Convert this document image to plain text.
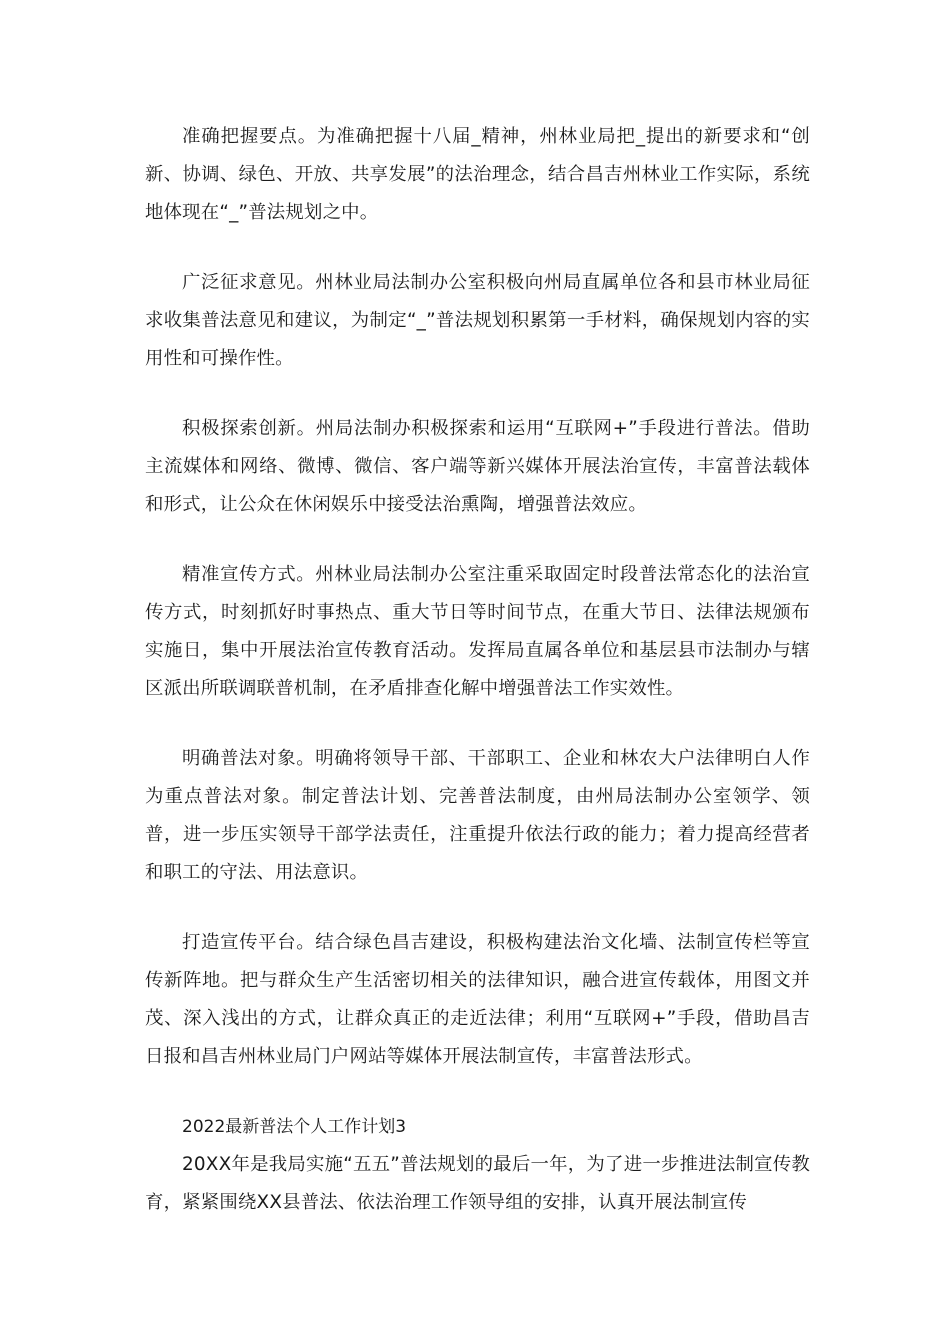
准确把握要点。为准确把握十八届_精神，州林业局把_提出的新要求和“创新、协调、绿色、开放、共享发展”的法治理念，结合昌吉州林业工作实际，系统地体现在“_”普法规划之中。

广泛征求意见。州林业局法制办公室积极向州局直属单位各和县市林业局征求收集普法意见和建议，为制定“_”普法规划积累第一手材料，确保规划内容的实用性和可操作性。

积极探索创新。州局法制办积极探索和运用“互联网+”手段进行普法。借助主流媒体和网络、微博、微信、客户端等新兴媒体开展法治宣传，丰富普法载体和形式，让公众在休闲娱乐中接受法治熏陶，增强普法效应。

精准宣传方式。州林业局法制办公室注重采取固定时段普法常态化的法治宣传方式，时刻抓好时事热点、重大节日等时间节点，在重大节日、法律法规颁布实施日，集中开展法治宣传教育活动。发挥局直属各单位和基层县市法制办与辖区派出所联调联普机制，在矛盾排查化解中增强普法工作实效性。

明确普法对象。明确将领导干部、干部职工、企业和林农大户法律明白人作为重点普法对象。制定普法计划、完善普法制度，由州局法制办公室领学、领普，进一步压实领导干部学法责任，注重提升依法行政的能力；着力提高经营者和职工的守法、用法意识。

打造宣传平台。结合绿色昌吉建设，积极构建法治文化墙、法制宣传栏等宣传新阵地。把与群众生产生活密切相关的法律知识，融合进宣传载体，用图文并茂、深入浅出的方式，让群众真正的走近法律；利用“互联网+”手段，借助昌吉日报和昌吉州林业局门户网站等媒体开展法制宣传，丰富普法形式。

2022最新普法个人工作计划3

20XX年是我局实施“五五”普法规划的最后一年，为了进一步推进法制宣传教育，紧紧围绕XX县普法、依法治理工作领导组的安排，认真开展法制宣传
